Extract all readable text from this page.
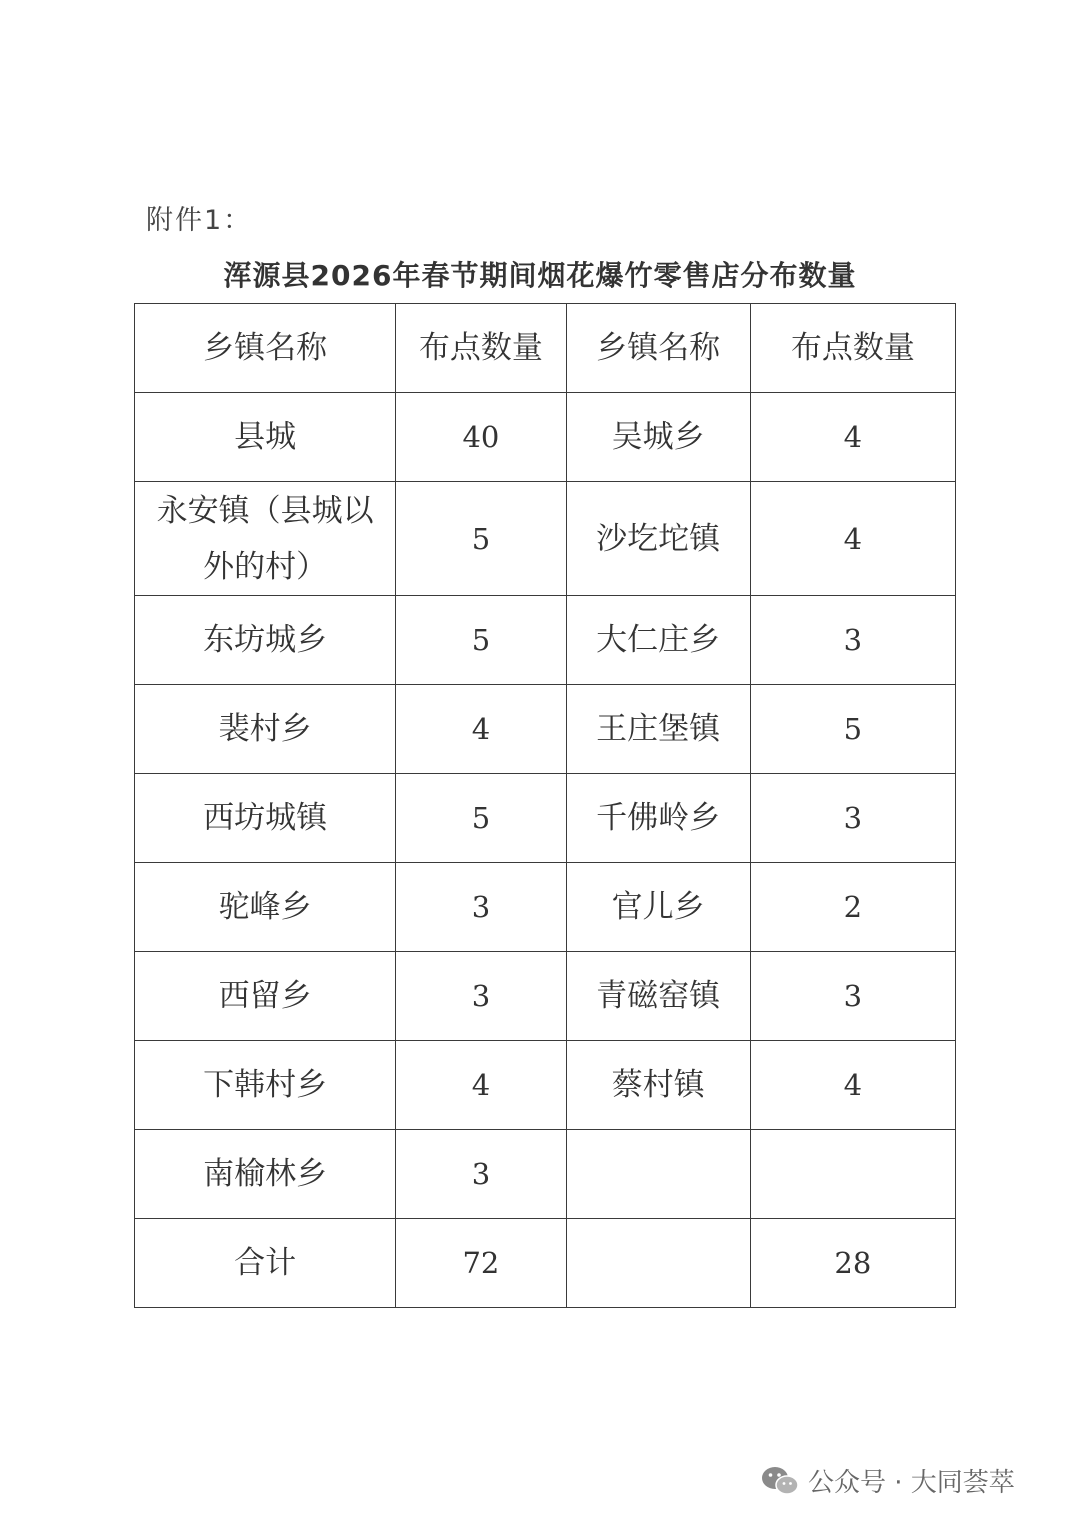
附件1：
浑源县2026年春节期间烟花爆竹零售店分布数量
乡镇名称	布点数量	乡镇名称	布点数量
县城	40	吴城乡	4
永安镇（县城以外的村）	5	沙圪坨镇	4
东坊城乡	5	大仁庄乡	3
裴村乡	4	王庄堡镇	5
西坊城镇	5	千佛岭乡	3
驼峰乡	3	官儿乡	2
西留乡	3	青磁窑镇	3
下韩村乡	4	蔡村镇	4
南榆林乡	3		
合计	72		28
公众号 · 大同荟萃
